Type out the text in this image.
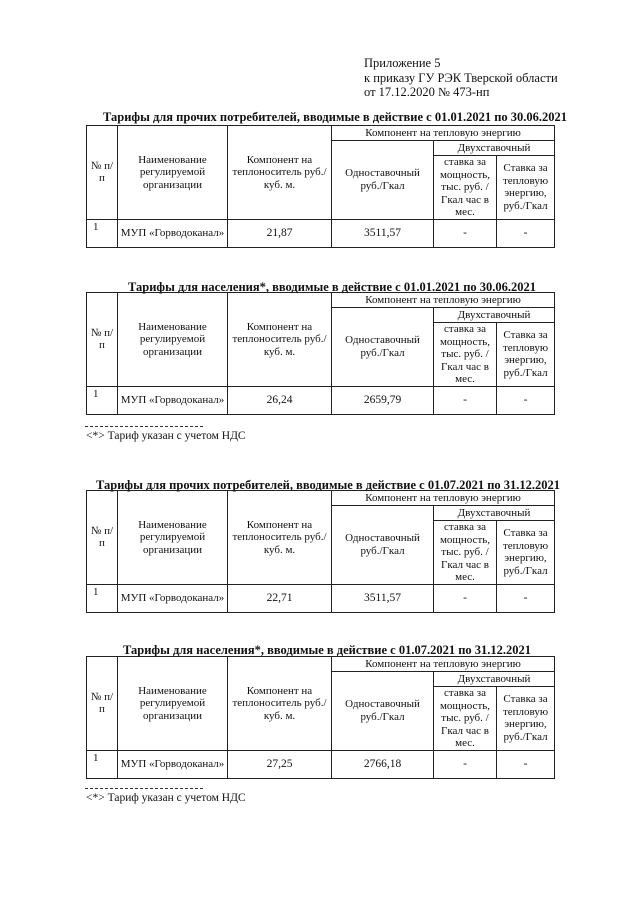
Приложение 5
к приказу ГУ РЭК Тверской области
от 17.12.2020 № 473-нп
Тарифы для прочих потребителей, вводимые в действие с 01.01.2021 по 30.06.2021
№ п/п	Наименование регулируемой организации	Компонент на теплоноситель руб./куб. м.	Компонент на тепловую энергию		
			Одноставочный руб./Гкал	Двухставочный	
				ставка за мощность, тыс. руб. /Гкал час в мес.	Ставка за тепловую энергию, руб./Гкал
1	МУП «Горводоканал»	21,87	3511,57	-	-
Тарифы для населения*, вводимые в действие с 01.01.2021 по 30.06.2021
№ п/п	Наименование регулируемой организации	Компонент на теплоноситель руб./куб. м.	Компонент на тепловую энергию		
			Одноставочный руб./Гкал	Двухставочный	
				ставка за мощность, тыс. руб. /Гкал час в мес.	Ставка за тепловую энергию, руб./Гкал
1	МУП «Горводоканал»	26,24	2659,79	-	-
<*> Тариф указан с учетом НДС
Тарифы для прочих потребителей, вводимые в действие с 01.07.2021 по 31.12.2021
№ п/п	Наименование регулируемой организации	Компонент на теплоноситель руб./куб. м.	Компонент на тепловую энергию		
			Одноставочный руб./Гкал	Двухставочный	
				ставка за мощность, тыс. руб. /Гкал час в мес.	Ставка за тепловую энергию, руб./Гкал
1	МУП «Горводоканал»	22,71	3511,57	-	-
Тарифы для населения*, вводимые в действие с 01.07.2021 по 31.12.2021
№ п/п	Наименование регулируемой организации	Компонент на теплоноситель руб./куб. м.	Компонент на тепловую энергию		
			Одноставочный руб./Гкал	Двухставочный	
				ставка за мощность, тыс. руб. /Гкал час в мес.	Ставка за тепловую энергию, руб./Гкал
1	МУП «Горводоканал»	27,25	2766,18	-	-
<*> Тариф указан с учетом НДС
